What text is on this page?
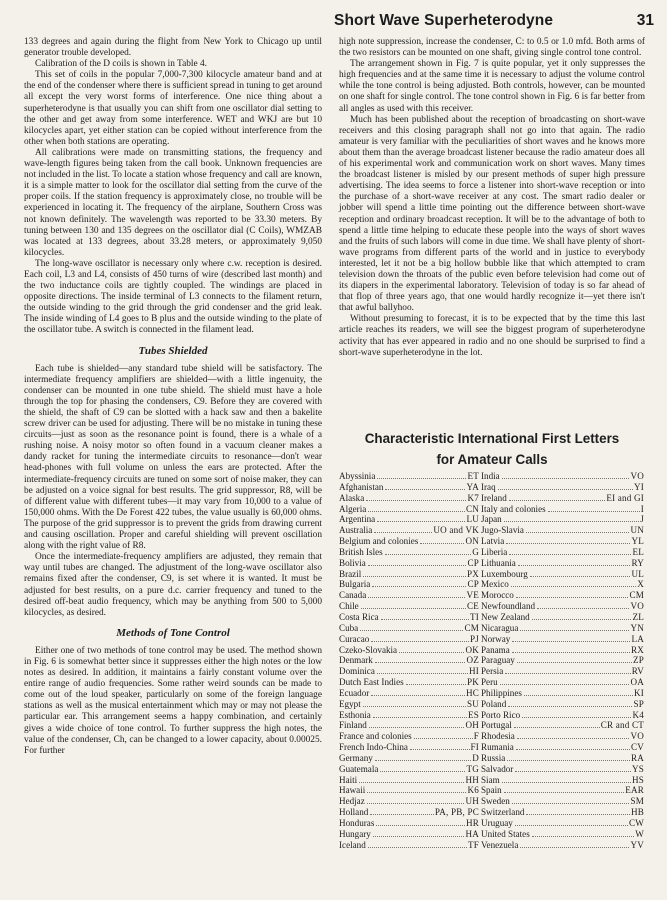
Short Wave Superheterodyne	31

133 degrees and again during the flight from New York to Chicago up until generator trouble developed.

Calibration of the D coils is shown in Table 4.

This set of coils in the popular 7,000-7,300 kilocycle amateur band and at the end of the condenser where there is sufficient spread in tuning to get around all except the very worst forms of interference. One nice thing about a superheterodyne is that usually you can shift from one oscillator dial setting to the other and get away from some interference. WET and WKJ are but 10 kilocycles apart, yet either station can be copied without interference from the other when both stations are operating.

All calibrations were made on transmitting stations, the frequency and wave-length figures being taken from the call book. Unknown frequencies are not included in the list. To locate a station whose frequency and call are known, it is a simple matter to look for the oscillator dial setting from the curve of the proper coils. If the station frequency is approximately close, no trouble will be experienced in locating it. The frequency of the airplane, Southern Cross was not known definitely. The wavelength was reported to be 33.30 meters. By tuning between 130 and 135 degrees on the oscillator dial (C Coils), WMZAB was located at 133 degrees, about 33.28 meters, or approximately 9,050 kilocycles.

The long-wave oscillator is necessary only where c.w. reception is desired. Each coil, L3 and L4, consists of 450 turns of wire (described last month) and the two inductance coils are tightly coupled. The windings are placed in opposite directions. The inside terminal of L3 connects to the filament return, the outside winding to the grid through the grid condenser and the grid leak. The inside winding of L4 goes to B plus and the outside winding to the plate of the oscillator tube. A switch is connected in the filament lead.

Tubes Shielded

Each tube is shielded—any standard tube shield will be satisfactory. The intermediate frequency amplifiers are shielded—with a little ingenuity, the condenser can be mounted in one tube shield. The shield must have a hole through the top for phasing the condensers, C9. Before they are covered with the shield, the shaft of C9 can be slotted with a hack saw and then a bakelite screw driver can be used for adjusting. There will be no mistake in tuning these circuits—just as soon as the resonance point is found, there is a whale of a rushing noise. A noisy motor so often found in a vacuum cleaner makes a dandy racket for tuning the intermediate circuits to resonance—don't wear head-phones with full volume on unless the ears are protected. After the intermediate-frequency circuits are tuned on some sort of noise maker, they can be adjusted on a voice signal for best results. The grid suppressor, R8, will be of different value with different tubes—it may vary from 10,000 to a value of 150,000 ohms. With the De Forest 422 tubes, the value usually is 60,000 ohms. The purpose of the grid suppressor is to prevent the grids from drawing current and causing oscillation. Proper and careful shielding will prevent oscillation along with the right value of R8.

Once the intermediate-frequency amplifiers are adjusted, they remain that way until tubes are changed. The adjustment of the long-wave oscillator also remains fixed after the condenser, C9, is set where it is wanted. It must be adjusted for best results, on a pure d.c. carrier frequency and tuned to the desired off-beat audio frequency, which may be anything from 500 to 5,000 kilocycles, as desired.

Methods of Tone Control

Either one of two methods of tone control may be used. The method shown in Fig. 6 is somewhat better since it suppresses either the high notes or the low notes as desired. In addition, it maintains a fairly constant volume over the entire range of audio frequencies. Some rather weird sounds can be made to come out of the loud speaker, particularly on some of the foreign language stations as well as the musical entertainment which may or may not please the particular ear. This arrangement seems a happy combination, and certainly gives a wide choice of tone control. To further suppress the high notes, the value of the condenser, Ch, can be changed to a lower capacity, about 0.00025. For further

high note suppression, increase the condenser, C: to 0.5 or 1.0 mfd. Both arms of the two resistors can be mounted on one shaft, giving single control tone control.

The arrangement shown in Fig. 7 is quite popular, yet it only suppresses the high frequencies and at the same time it is necessary to adjust the volume control while the tone control is being adjusted. Both controls, however, can be mounted on one shaft for single control. The tone control shown in Fig. 6 is far better from all angles as used with this receiver.

Much has been published about the reception of broadcasting on short-wave receivers and this closing paragraph shall not go into that again. The radio amateur is very familiar with the peculiarities of short waves and he knows more about them than the average broadcast listener because the radio amateur does all of his experimental work and communication work on short waves. Many times the broadcast listener is misled by our present methods of super high pressure advertising. The idea seems to force a listener into short-wave reception or into the purchase of a short-wave receiver at any cost. The smart radio dealer or jobber will spend a little time pointing out the difference between short-wave reception and ordinary broadcast reception. It will be to the advantage of both to spend a little time helping to educate these people into the ways of short waves and the fruits of such labors will come in due time. We shall have plenty of short-wave programs from different parts of the world and in justice to everybody interested, let it not be a big hollow bubble like that which attempted to cram television down the throats of the public even before television had come out of its diapers in the experimental laboratory. Television of today is so far ahead of that flop of three years ago, that one would hardly recognize it—yet there isn't that awful ballyhoo.

Without presuming to forecast, it is to be expected that by the time this last article reaches its readers, we will see the biggest program of superheterodyne activity that has ever appeared in radio and no one should be surprised to find a short-wave superheterodyne in the lot.

Characteristic International First Letters
for Amateur Calls
Abyssinia	ET
Afghanistan	YA
Alaska	K7
Algeria	CN
Argentina	LU
Australia	UO and VK
Belgium and colonies	ON
British Isles	G
Bolivia	CP
Brazil	PX
Bulgaria	CP
Canada	VE
Chile	CE
Costa Rica	TI
Cuba	CM
Curacao	PJ
Czeko-Slovakia	OK
Denmark	OZ
Dominica	HI
Dutch East Indies	PK
Ecuador	HC
Egypt	SU
Esthonia	ES
Finland	OH
France and colonies	F
French Indo-China	FI
Germany	D
Guatemala	TG
Haiti	HH
Hawaii	K6
Hedjaz	UH
Holland	PA, PB, PC
Honduras	HR
Hungary	HA
Iceland	TF
India	VO
Iraq	YI
Ireland	EI and GI
Italy and colonies	I
Japan	J
Jugo-Slavia	UN
Latvia	YL
Liberia	EL
Lithuania	RY
Luxembourg	UL
Mexico	X
Morocco	CM
Newfoundland	VO
New Zealand	ZL
Nicaragua	YN
Norway	LA
Panama	RX
Paraguay	ZP
Persia	RV
Peru	OA
Philippines	KI
Poland	SP
Porto Rico	K4
Portugal	CR and CT
Rhodesia	VO
Rumania	CV
Russia	RA
Salvador	YS
Siam	HS
Spain	EAR
Sweden	SM
Switzerland	HB
Uruguay	CW
United States	W
Venezuela	YV
